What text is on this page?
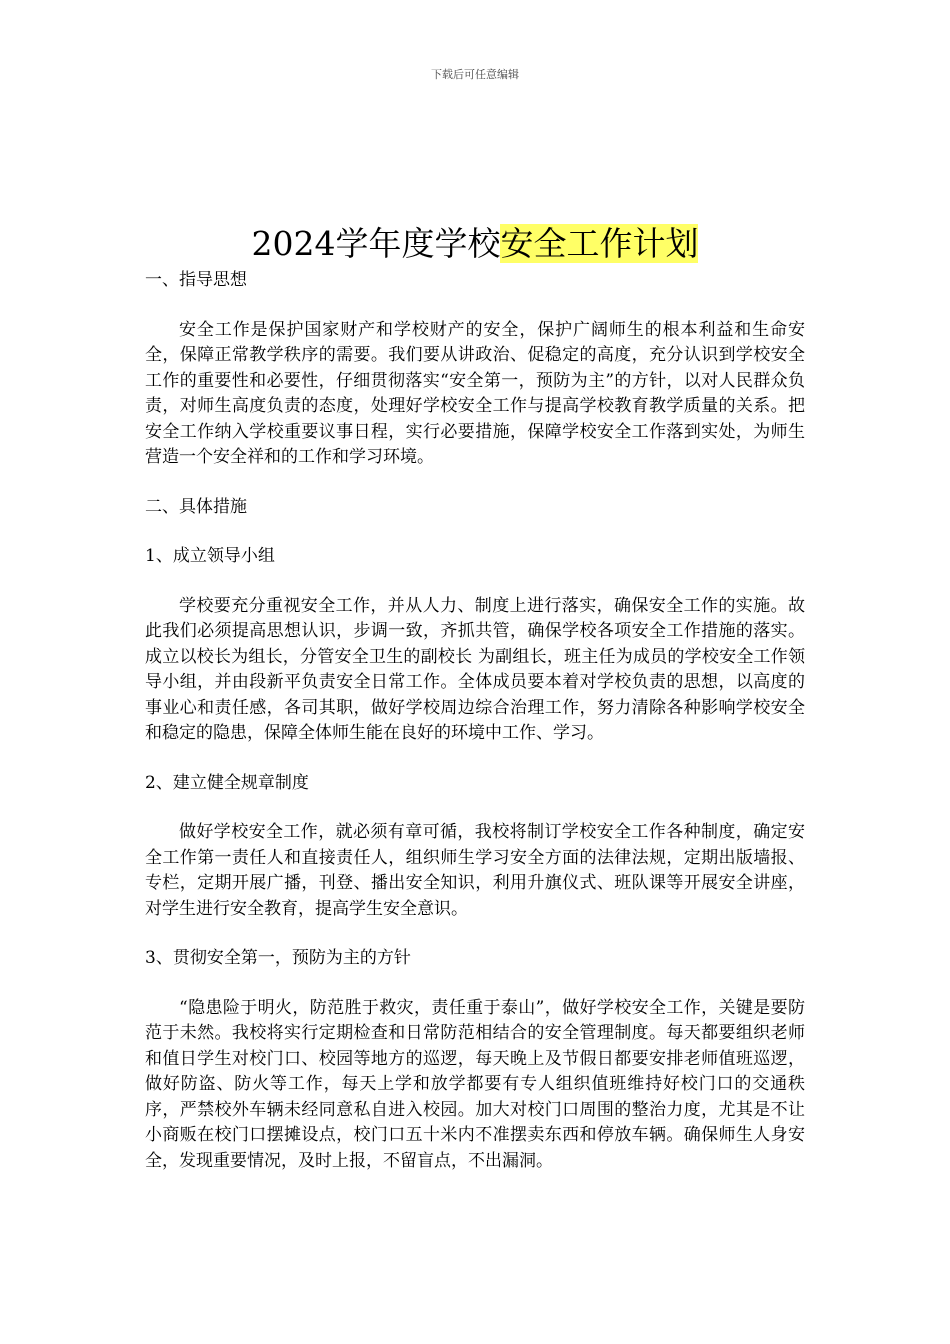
下载后可任意编辑
2024学年度学校安全工作计划
一、指导思想
安全工作是保护国家财产和学校财产的安全，保护广阔师生的根本利益和生命安全，保障正常教学秩序的需要。我们要从讲政治、促稳定的高度，充分认识到学校安全工作的重要性和必要性，仔细贯彻落实“安全第一，预防为主”的方针，以对人民群众负责，对师生高度负责的态度，处理好学校安全工作与提高学校教育教学质量的关系。把安全工作纳入学校重要议事日程，实行必要措施，保障学校安全工作落到实处，为师生营造一个安全祥和的工作和学习环境。
二、具体措施
1、成立领导小组
学校要充分重视安全工作，并从人力、制度上进行落实，确保安全工作的实施。故此我们必须提高思想认识，步调一致，齐抓共管，确保学校各项安全工作措施的落实。成立以校长为组长，分管安全卫生的副校长 为副组长，班主任为成员的学校安全工作领导小组，并由段新平负责安全日常工作。全体成员要本着对学校负责的思想，以高度的事业心和责任感，各司其职，做好学校周边综合治理工作，努力清除各种影响学校安全和稳定的隐患，保障全体师生能在良好的环境中工作、学习。
2、建立健全规章制度
做好学校安全工作，就必须有章可循，我校将制订学校安全工作各种制度，确定安全工作第一责任人和直接责任人，组织师生学习安全方面的法律法规，定期出版墙报、专栏，定期开展广播，刊登、播出安全知识，利用升旗仪式、班队课等开展安全讲座，对学生进行安全教育，提高学生安全意识。
3、贯彻安全第一，预防为主的方针
“隐患险于明火，防范胜于救灾，责任重于泰山”，做好学校安全工作，关键是要防范于未然。我校将实行定期检查和日常防范相结合的安全管理制度。每天都要组织老师和值日学生对校门口、校园等地方的巡逻，每天晚上及节假日都要安排老师值班巡逻，做好防盗、防火等工作，每天上学和放学都要有专人组织值班维持好校门口的交通秩序，严禁校外车辆未经同意私自进入校园。加大对校门口周围的整治力度，尤其是不让小商贩在校门口摆摊设点，校门口五十米内不准摆卖东西和停放车辆。确保师生人身安全，发现重要情况，及时上报，不留盲点，不出漏洞。
